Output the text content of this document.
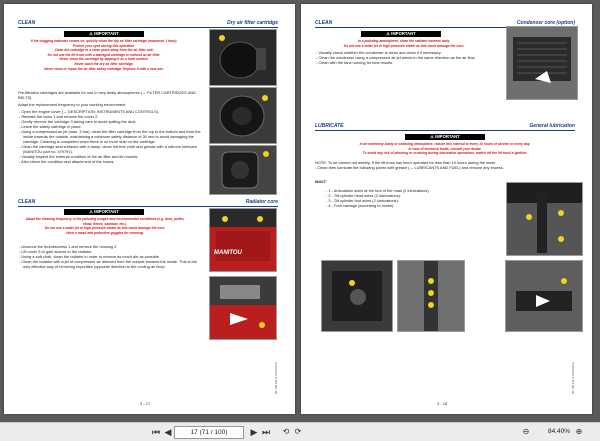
CLEAN	Dry air filter cartridge
⚠ IMPORTANT
If the clogging indicator comes on, quickly clean the dry air filter cartridge (maximum 1 hour).
Protect your eyes during this operation.
Clean the cartridge in a clean place away from the air filter unit.
Do not use the lift truck with a damaged cartridge or without an air filter.
Never clean the cartridge by tapping it on a hard surface.
Never wash the dry air filter cartridge.
Never clean or repair the air filter safety cartridge. Replace it with a new one.
Pre-filtration cartridges are available for use in very dusty atmospheres (→ FILTER CARTRIDGES AND BELTS).
Adapt the replacement frequency to your working environment.
- Open the engine cover (→ DESCRIPTION: INSTRUMENTS AND CONTROLS).
- Release the locks 1 and remove the cover 2.
- Gently remove the cartridge 3 taking care to avoid spilling the dust.
- Leave the safety cartridge in place.
- Using a compressed air jet (max. 3 bar), clean the filter cartridge from the top to the bottom and from the inside towards the outside, maintaining a minimum safety distance of 30 mm to avoid damaging the cartridge. Cleaning is completed when there is no more dust on the cartridge.
- Clean the cartridge seal surfaces with a damp, clean lint-free cloth and grease with a silicone lubricant (MANITOU part no. 479791).
- Visually inspect the external condition of the air filter and its mounts.
- Also check the condition and attachment of the hoses.
CLEAN	Radiator core
⚠ IMPORTANT
Adapt the cleaning frequency in the polluting usages and environmental conditions (e.g. dust, pollen, straw, fleece, sawdust, etc.).
Do not use a water jet or high pressure steam as this could damage the core.
Wear a mask and protective goggles for cleaning.
- Unscrew the thumbscrews 1 and remove the housing 2.
- Lift cover 3 to gain access to the radiator.
- Using a soft cloth, clean the radiator in order to remove as much dirt as possible.
- Clean the radiator with a jet of compressed air directed from the outside towards the inside. This is the only effective way of removing impurities (opposite direction to the cooling air flow).
MANITOU
3 - 17
50 708 EN (17/07/2013)
CLEAN	Condenser core (option)
⚠ IMPORTANT
In a polluting atmosphere, clean the radiator harness daily.
Do not use a water jet or high pressure steam as this could damage the core.
- Visually check whether the condenser is clean and clean it if necessary.
- Clean the condenser using a compressed air jet aimed in the same direction as the air flow.
- Clean with the fans running for best results.
LUBRICATE	General lubrication
⚠ IMPORTANT
In an extremely dusty or oxidising atmosphere, reduce this interval to every 10 hours of service or every day.
In case of technical faults, consult your dealer.
To avoid any risk of pinching or crushing during lubrication operations, switch off the lift truck's ignition.
NOTE: To be carried out weekly, if the lift truck has been operated for less than 10 hours during the week.
- Clean then lubricate the following points with grease (→ LUBRICANTS AND FUEL) and remove any excess.
MAST
- 1 - Articulation axles at the foot of the mast (2 lubrications).
- 2 - Tilt cylinder head axles (2 lubrications).
- 3 - Tilt cylinder foot axles (2 lubrications).
- 4 - Fork carriage (according to model)
3 - 18
50 708 EN (17/07/2013)
⏮ ◀	17 (71 / 100)	▶ ⏭	⟲ ⟳	⊖	84.40% ⊕
